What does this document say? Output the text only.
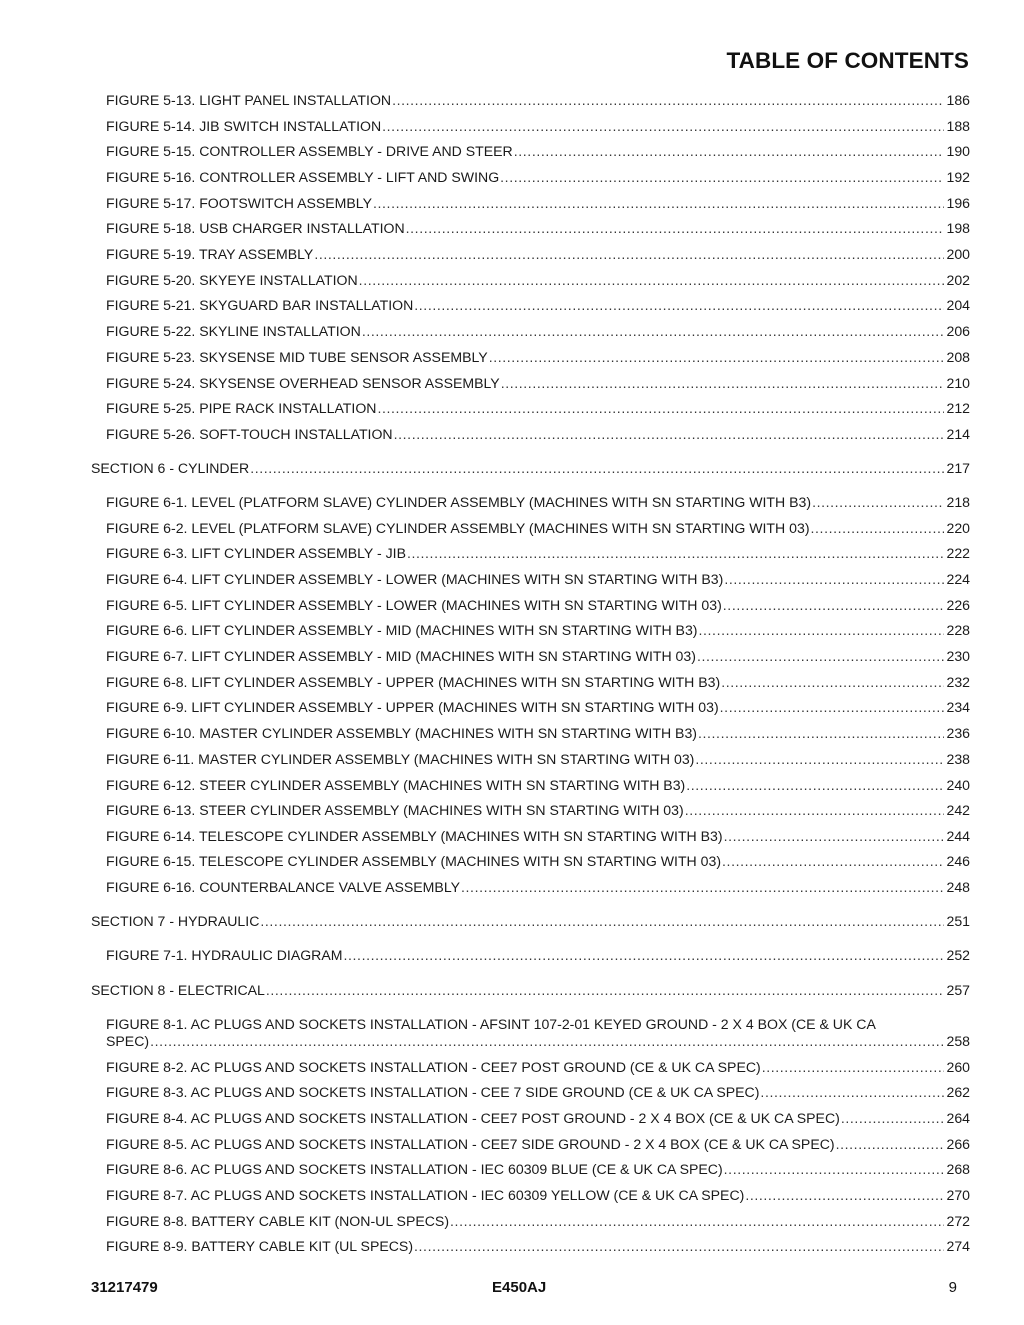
TABLE OF CONTENTS
FIGURE 5-13. LIGHT PANEL INSTALLATION .....	186
FIGURE 5-14. JIB SWITCH INSTALLATION .....	188
FIGURE 5-15. CONTROLLER ASSEMBLY - DRIVE AND STEER .....	190
FIGURE 5-16. CONTROLLER ASSEMBLY - LIFT AND SWING .....	192
FIGURE 5-17. FOOTSWITCH ASSEMBLY .....	196
FIGURE 5-18. USB CHARGER INSTALLATION .....	198
FIGURE 5-19. TRAY ASSEMBLY .....	200
FIGURE 5-20. SKYEYE INSTALLATION .....	202
FIGURE 5-21. SKYGUARD BAR INSTALLATION .....	204
FIGURE 5-22. SKYLINE INSTALLATION .....	206
FIGURE 5-23. SKYSENSE MID TUBE SENSOR ASSEMBLY .....	208
FIGURE 5-24. SKYSENSE OVERHEAD SENSOR ASSEMBLY .....	210
FIGURE 5-25. PIPE RACK INSTALLATION .....	212
FIGURE 5-26. SOFT-TOUCH INSTALLATION .....	214
SECTION 6 - CYLINDER .....	217
FIGURE 6-1. LEVEL (PLATFORM SLAVE) CYLINDER ASSEMBLY (MACHINES WITH SN STARTING WITH B3) .....	218
FIGURE 6-2. LEVEL (PLATFORM SLAVE) CYLINDER ASSEMBLY (MACHINES WITH SN STARTING WITH 03) .....	220
FIGURE 6-3. LIFT CYLINDER ASSEMBLY - JIB .....	222
FIGURE 6-4. LIFT CYLINDER ASSEMBLY - LOWER (MACHINES WITH SN STARTING WITH B3) .....	224
FIGURE 6-5. LIFT CYLINDER ASSEMBLY - LOWER (MACHINES WITH SN STARTING WITH 03) .....	226
FIGURE 6-6. LIFT CYLINDER ASSEMBLY - MID (MACHINES WITH SN STARTING WITH B3) .....	228
FIGURE 6-7. LIFT CYLINDER ASSEMBLY - MID (MACHINES WITH SN STARTING WITH 03) .....	230
FIGURE 6-8. LIFT CYLINDER ASSEMBLY - UPPER (MACHINES WITH SN STARTING WITH B3) .....	232
FIGURE 6-9. LIFT CYLINDER ASSEMBLY - UPPER (MACHINES WITH SN STARTING WITH 03) .....	234
FIGURE 6-10. MASTER CYLINDER ASSEMBLY (MACHINES WITH SN STARTING WITH B3) .....	236
FIGURE 6-11. MASTER CYLINDER ASSEMBLY (MACHINES WITH SN STARTING WITH 03) .....	238
FIGURE 6-12. STEER CYLINDER ASSEMBLY (MACHINES WITH SN STARTING WITH B3) .....	240
FIGURE 6-13. STEER CYLINDER ASSEMBLY (MACHINES WITH SN STARTING WITH 03) .....	242
FIGURE 6-14. TELESCOPE CYLINDER ASSEMBLY (MACHINES WITH SN STARTING WITH B3) .....	244
FIGURE 6-15. TELESCOPE CYLINDER ASSEMBLY (MACHINES WITH SN STARTING WITH 03) .....	246
FIGURE 6-16. COUNTERBALANCE VALVE ASSEMBLY .....	248
SECTION 7 - HYDRAULIC .....	251
FIGURE 7-1. HYDRAULIC DIAGRAM .....	252
SECTION 8 - ELECTRICAL .....	257
FIGURE 8-1. AC PLUGS AND SOCKETS INSTALLATION - AFSINT 107-2-01 KEYED GROUND - 2 X 4 BOX (CE & UK CA
SPEC) .....	258
FIGURE 8-2. AC PLUGS AND SOCKETS INSTALLATION - CEE7 POST GROUND (CE & UK CA SPEC) .....	260
FIGURE 8-3. AC PLUGS AND SOCKETS INSTALLATION - CEE 7 SIDE GROUND (CE & UK CA SPEC) .....	262
FIGURE 8-4. AC PLUGS AND SOCKETS INSTALLATION - CEE7 POST GROUND - 2 X 4 BOX (CE & UK CA SPEC) .....	264
FIGURE 8-5. AC PLUGS AND SOCKETS INSTALLATION - CEE7 SIDE GROUND - 2 X 4 BOX (CE & UK CA SPEC) .....	266
FIGURE 8-6. AC PLUGS AND SOCKETS INSTALLATION - IEC 60309 BLUE (CE & UK CA SPEC) .....	268
FIGURE 8-7. AC PLUGS AND SOCKETS INSTALLATION - IEC 60309 YELLOW (CE & UK CA SPEC) .....	270
FIGURE 8-8. BATTERY CABLE KIT (NON-UL SPECS) .....	272
FIGURE 8-9. BATTERY CABLE KIT (UL SPECS) .....	274
31217479	E450AJ	9
